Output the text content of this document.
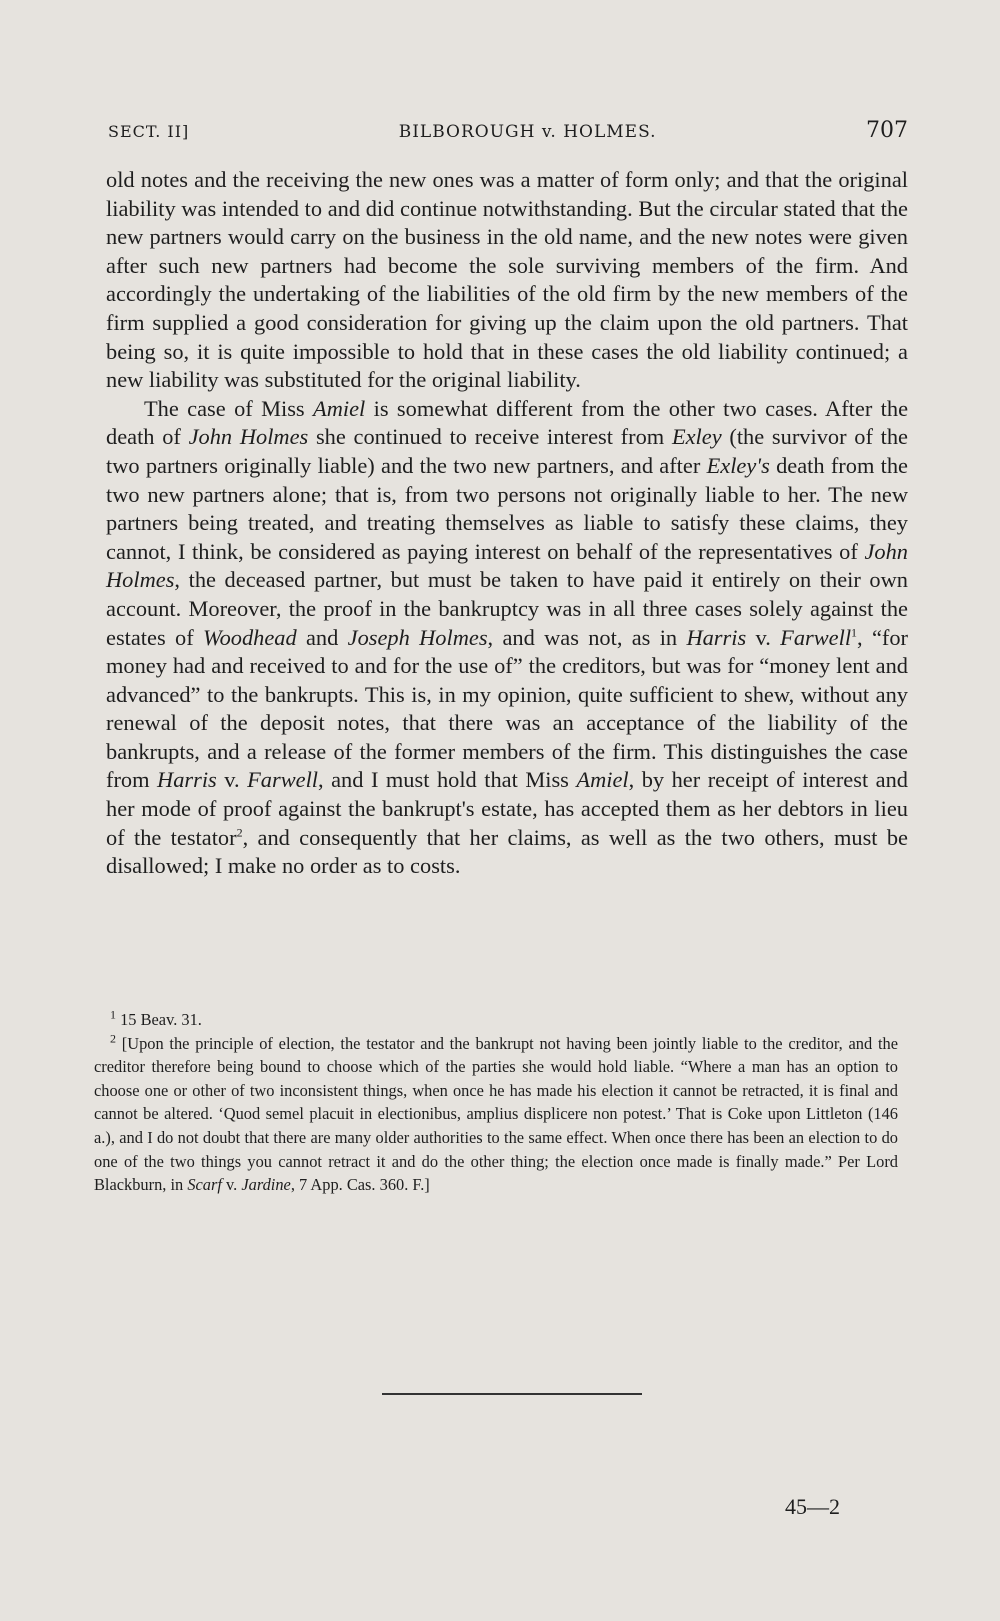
SECT. II]	BILBOROUGH v. HOLMES.	707

old notes and the receiving the new ones was a matter of form only; and that the original liability was intended to and did continue notwithstanding. But the circular stated that the new partners would carry on the business in the old name, and the new notes were given after such new partners had become the sole surviving members of the firm. And accordingly the undertaking of the liabilities of the old firm by the new members of the firm supplied a good consideration for giving up the claim upon the old partners. That being so, it is quite impossible to hold that in these cases the old liability continued; a new liability was substituted for the original liability.

The case of Miss Amiel is somewhat different from the other two cases. After the death of John Holmes she continued to receive interest from Exley (the survivor of the two partners originally liable) and the two new partners, and after Exley's death from the two new partners alone; that is, from two persons not originally liable to her. The new partners being treated, and treating themselves as liable to satisfy these claims, they cannot, I think, be considered as paying interest on behalf of the representatives of John Holmes, the deceased partner, but must be taken to have paid it entirely on their own account. Moreover, the proof in the bankruptcy was in all three cases solely against the estates of Woodhead and Joseph Holmes, and was not, as in Harris v. Farwell$^1$, “for money had and received to and for the use of” the creditors, but was for “money lent and advanced” to the bankrupts. This is, in my opinion, quite sufficient to shew, without any renewal of the deposit notes, that there was an acceptance of the liability of the bankrupts, and a release of the former members of the firm. This distinguishes the case from Harris v. Farwell, and I must hold that Miss Amiel, by her receipt of interest and her mode of proof against the bankrupt's estate, has accepted them as her debtors in lieu of the testator$^2$, and consequently that her claims, as well as the two others, must be disallowed; I make no order as to costs.

$^1$ 15 Beav. 31.

$^2$ [Upon the principle of election, the testator and the bankrupt not having been jointly liable to the creditor, and the creditor therefore being bound to choose which of the parties she would hold liable. “Where a man has an option to choose one or other of two inconsistent things, when once he has made his election it cannot be retracted, it is final and cannot be altered. ‘Quod semel placuit in electionibus, amplius displicere non potest.’ That is Coke upon Littleton (146 a.), and I do not doubt that there are many older authorities to the same effect. When once there has been an election to do one of the two things you cannot retract it and do the other thing; the election once made is finally made.” Per Lord Blackburn, in Scarf v. Jardine, 7 App. Cas. 360. F.]

45—2
